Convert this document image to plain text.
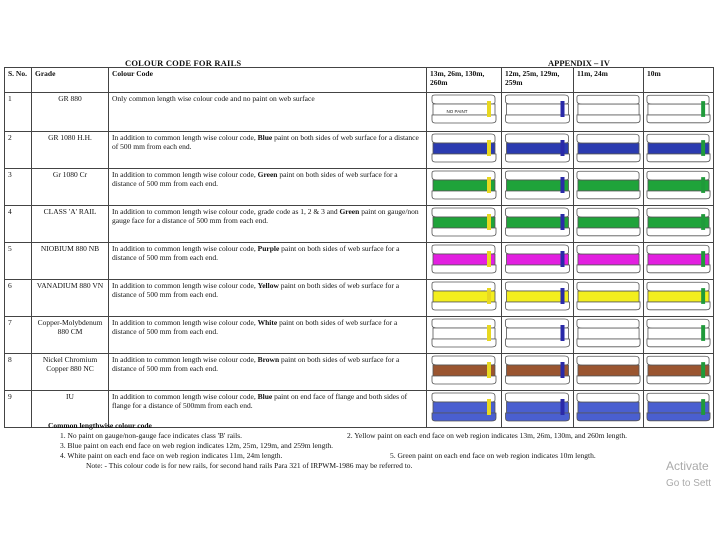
COLOUR CODE FOR RAILS	APPENDIX – IV
S. No.	Grade	Colour Code	13m, 26m, 130m, 260m	12m, 25m, 129m, 259m	11m, 24m	10m
1	GR 880	Only common length wise colour code and no paint on web surface	NO PAINT

2	GR 1080 H.H.	In addition to common length wise colour code, Blue paint on both sides of web surface for a distance of 500 mm from each end.	

3	Gr 1080 Cr	In addition to common length wise colour code, Green paint on both sides of web surface for a distance of 500 mm from each end.	

4	CLASS 'A' RAIL	In addition to common length wise colour code, grade code as 1, 2 & 3 and Green paint on gauge/non gauge face for a distance of 500 mm from each end.	

5	NIOBIUM 880 NB	In addition to common length wise colour code, Purple paint on both sides of web surface for a distance of 500 mm from each end.	

6	VANADIUM 880 VN	In addition to common length wise colour code, Yellow paint on both sides of web surface for a distance of 500 mm from each end.	

7	Copper-Molybdenum 880 CM	In addition to common length wise colour code, White paint on both sides of web surface for a distance of 500 mm from each end.	

8	Nickel Chromium Copper 880 NC	In addition to common length wise colour code, Brown paint on both sides of web surface for a distance of 500 mm from each end.	

9	IU	In addition to common length wise colour code, Blue paint on end face of flange and both sides of flange for a distance of 500mm from each end.	

Common lengthwise colour code
1. No paint on gauge/non-gauge face indicates class 'B' rails.	2. Yellow paint on each end face on web region indicates 13m, 26m, 130m, and 260m length.
3. Blue paint on each end face on web region indicates 12m, 25m, 129m, and 259m length.
4. White paint on each end face on web region indicates 11m, 24m length.	5. Green paint on each end face on web region indicates 10m length.
Note: - This colour code is for new rails, for second hand rails Para 321 of IRPWM-1986 may be referred to.	Activate
Go to Sett
